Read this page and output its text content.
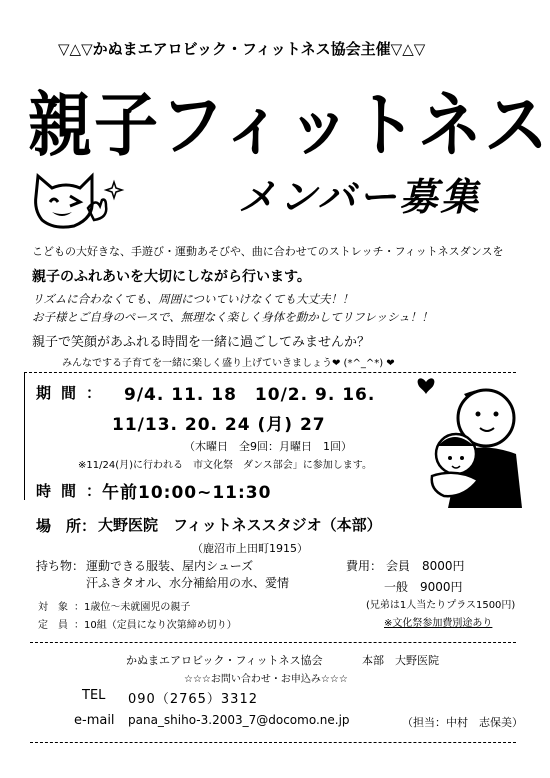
▽△▽かぬまエアロビック・フィットネス協会主催▽△▽
親子フィットネス
メンバー募集
こどもの大好きな、手遊び・運動あそびや、曲に合わせてのストレッチ・フィットネスダンスを
親子のふれあいを大切にしながら行います。
リズムに合わなくても、周囲についていけなくても大丈夫！！
お子様とご自身のペースで、無理なく楽しく身体を動かしてリフレッシュ！！
親子で笑顔があふれる時間を一緒に過ごしてみませんか？
みんなでする子育てを一緒に楽しく盛り上げていきましょう❤ (*^_^*) ❤
期間： 9/4. 11. 18　10/2. 9. 16.
11/13. 20. 24 (月) 27
（木曜日　全9回：月曜日　1回）
※11/24(月)に行われる　市文化祭　ダンス部会」に参加します。
時間：
午前10:00~11:30
場　所： 大野医院　フィットネススタジオ（本部）
（鹿沼市上田町1915）
持ち物： 運動できる服装、屋内シューズ
汗ふきタオル、水分補給用の水、愛情
対　象 ：1歳位～未就園児の親子
定　員 ：10組（定員になり次第締め切り）
費用： 会員　8000円
一般　9000円
(兄弟は1人当たりプラス1500円)
※文化祭参加費別途あり
かぬまエアロビック・フィットネス協会	本部　大野医院
☆☆☆お問い合わせ・お申込み☆☆☆
TEL 090（2765）3312
e-mail pana_shiho-3.2003_7@docomo.ne.jp	（担当：中村　志保美）
